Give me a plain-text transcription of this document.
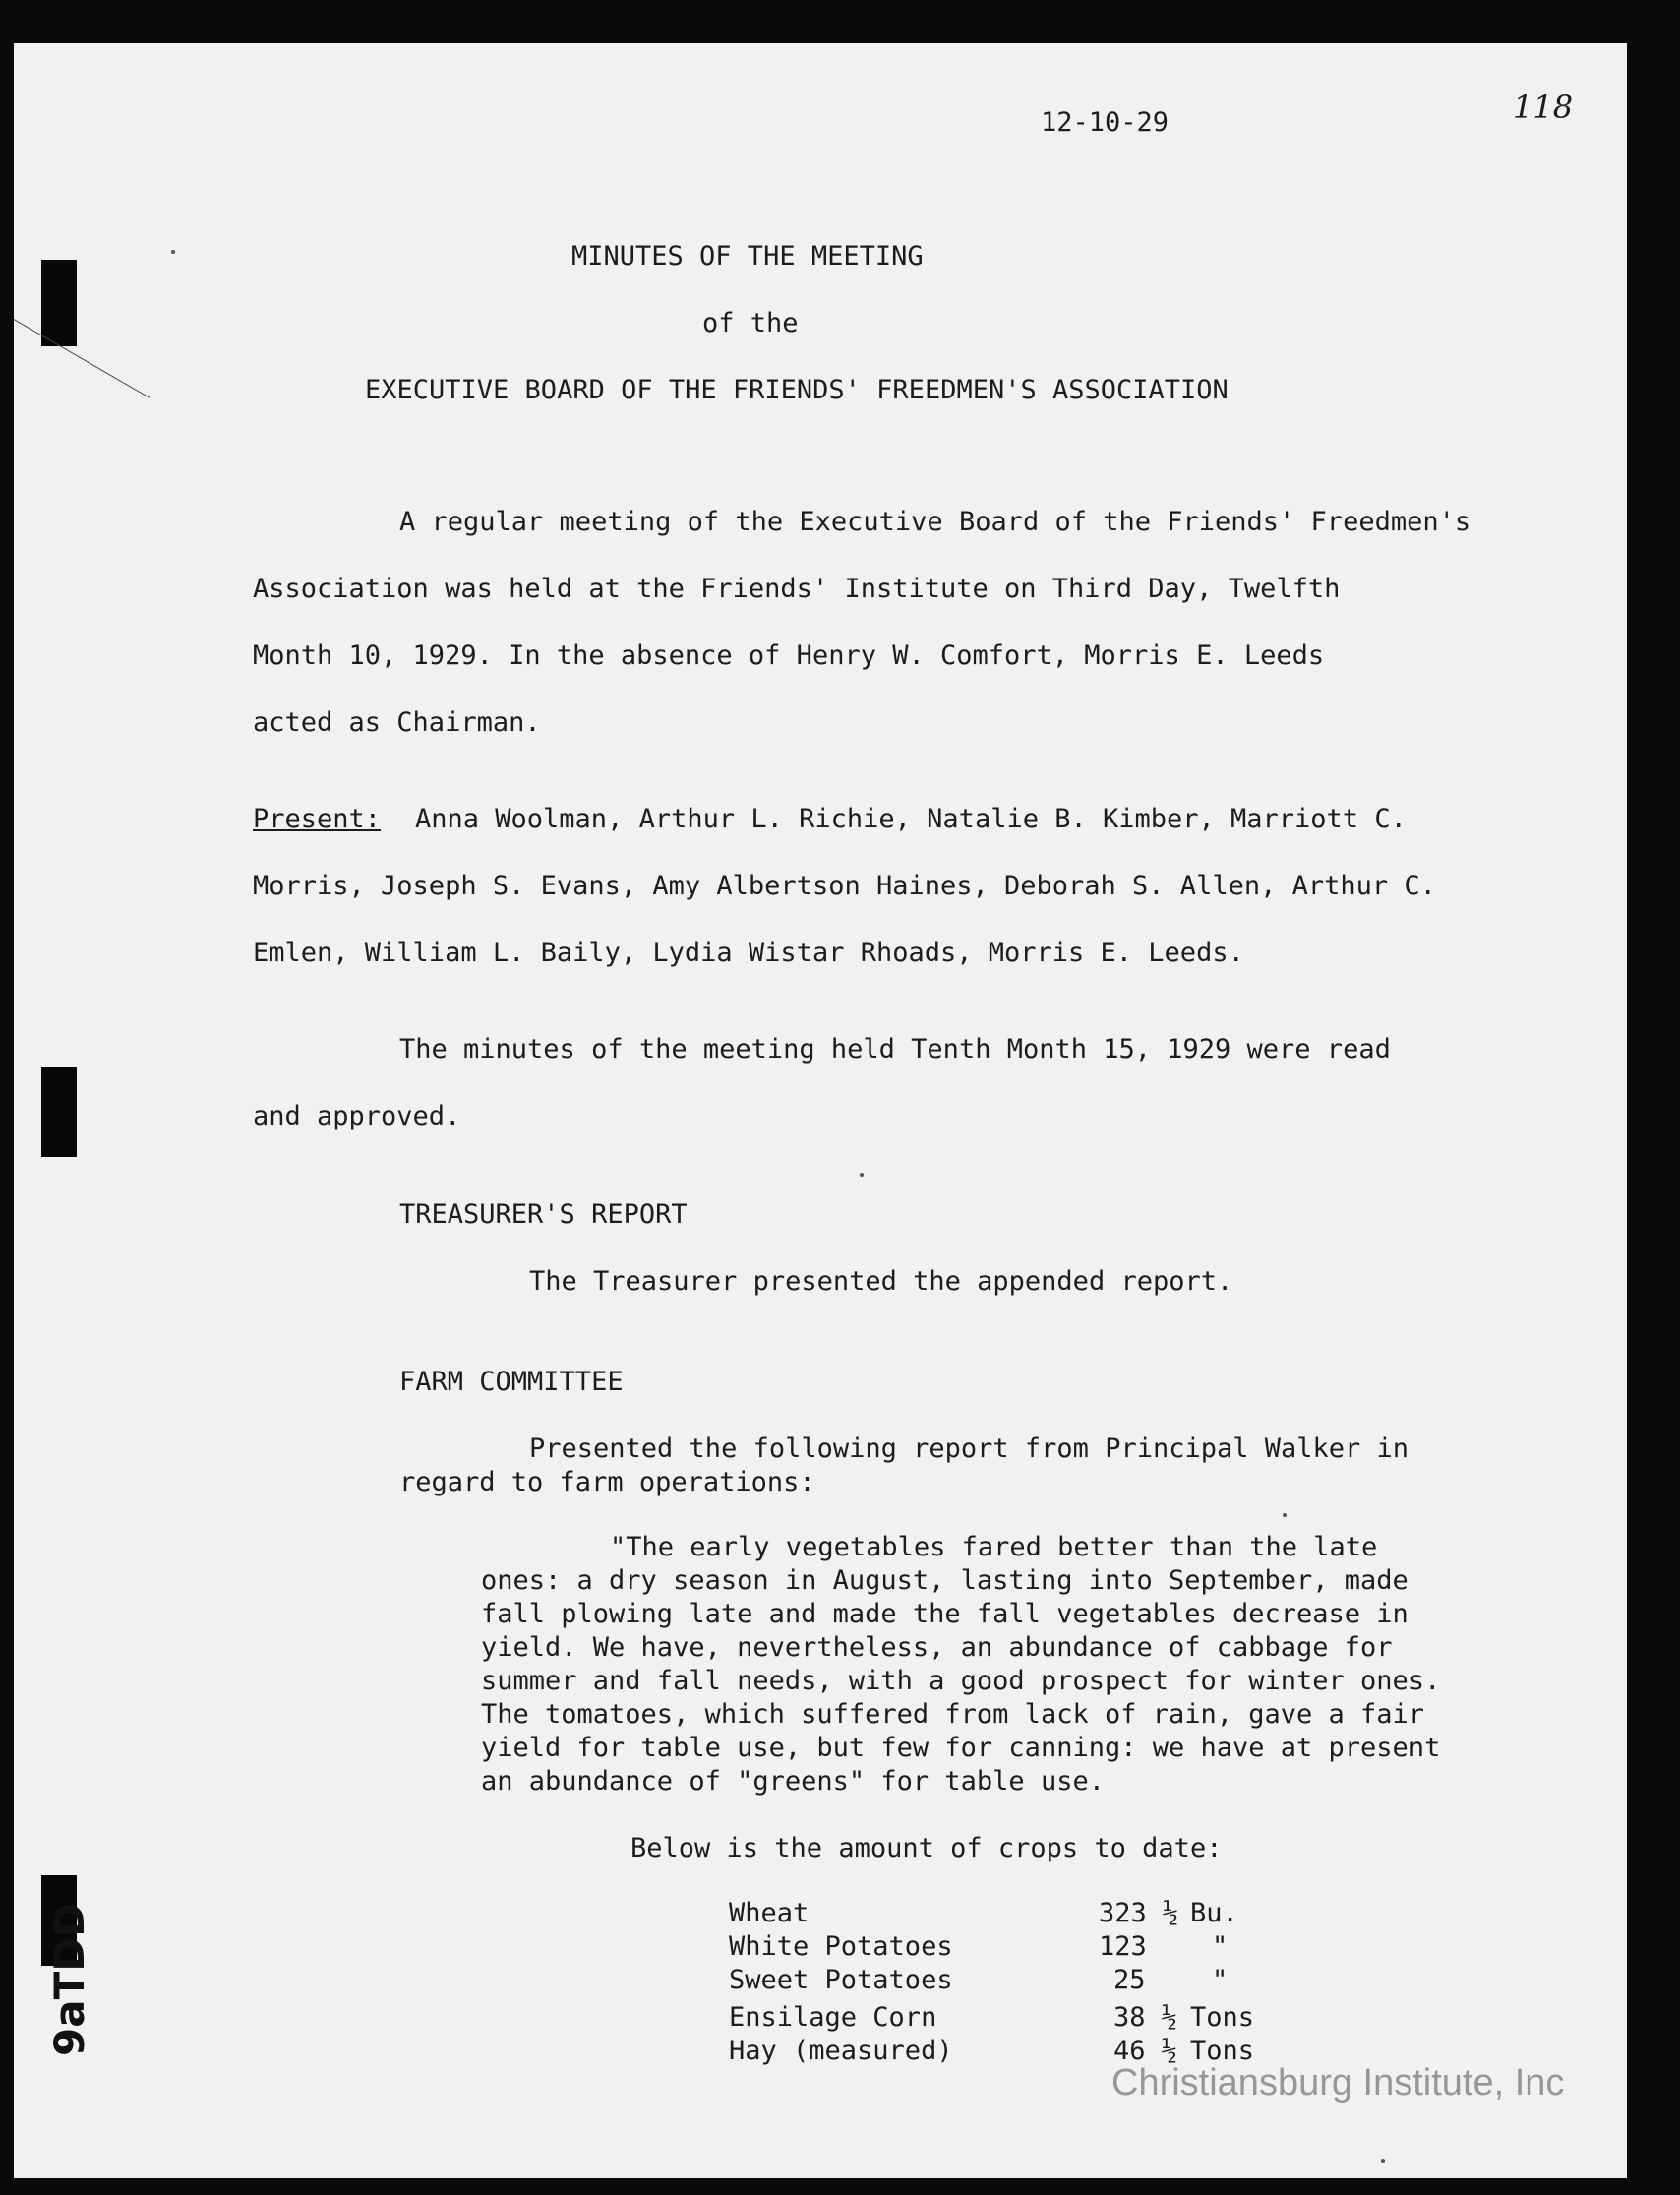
118

12-10-29

MINUTES OF THE MEETING

of the

EXECUTIVE BOARD OF THE FRIENDS' FREEDMEN'S ASSOCIATION

A regular meeting of the Executive Board of the Friends' Freedmen's

Association was held at the Friends' Institute on Third Day, Twelfth

Month 10, 1929. In the absence of Henry W. Comfort, Morris E. Leeds

acted as Chairman.

Present: Anna Woolman, Arthur L. Richie, Natalie B. Kimber, Marriott C.

Morris, Joseph S. Evans, Amy Albertson Haines, Deborah S. Allen, Arthur C.

Emlen, William L. Baily, Lydia Wistar Rhoads, Morris E. Leeds.

The minutes of the meeting held Tenth Month 15, 1929 were read

and approved.

TREASURER'S REPORT

The Treasurer presented the appended report.

FARM COMMITTEE

Presented the following report from Principal Walker in

regard to farm operations:

"The early vegetables fared better than the late

ones: a dry season in August, lasting into September, made

fall plowing late and made the fall vegetables decrease in

yield. We have, nevertheless, an abundance of cabbage for

summer and fall needs, with a good prospect for winter ones.

The tomatoes, which suffered from lack of rain, gave a fair

yield for table use, but few for canning: we have at present

an abundance of "greens" for table use.

Below is the amount of crops to date:

Wheat	323 ½ Bu.

White Potatoes	123 "

Sweet Potatoes	25 "

Ensilage Corn	38 ½ Tons

Hay (measured)	46 ½ Tons

9aTDD
Christiansburg Institute, Inc
